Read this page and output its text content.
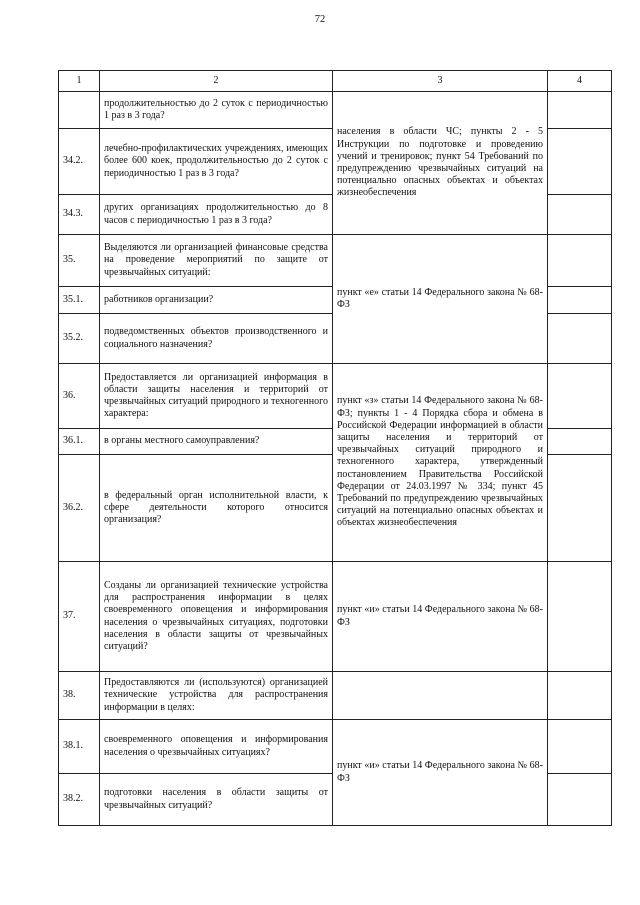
72
1	2	3	4
	продолжительностью до 2 суток с периодичностью 1 раз в 3 года?	населения в области ЧС; пункты 2 - 5 Инструкции по подготовке и проведению учений и тренировок; пункт 54 Требований по предупреждению чрезвычайных ситуаций на потенциально опасных объектах и объектах жизнеобеспечения	
34.2.	лечебно-профилактических учреждениях, имеющих более 600 коек, продолжительностью до 2 суток с периодичностью 1 раз в 3 года?		
34.3.	других организациях продолжительностью до 8 часов с периодичностью 1 раз в 3 года?		
35.	Выделяются ли организацией финансовые средства на проведение мероприятий по защите от чрезвычайных ситуаций:	пункт «е» статьи 14 Федерального закона № 68-ФЗ	
35.1.	работников организации?		
35.2.	подведомственных объектов производственного и социального назначения?		
36.	Предоставляется ли организацией информация в области защиты населения и территорий от чрезвычайных ситуаций природного и техногенного характера:	пункт «з» статьи 14 Федерального закона № 68-ФЗ; пункты 1 - 4 Порядка сбора и обмена в Российской Федерации информацией в области защиты населения и территорий от чрезвычайных ситуаций природного и техногенного характера, утвержденный постановлением Правительства Российской Федерации от 24.03.1997 № 334; пункт 45 Требований по предупреждению чрезвычайных ситуаций на потенциально опасных объектах и объектах жизнеобеспечения	
36.1.	в органы местного самоуправления?		
36.2.	в федеральный орган исполнительной власти, к сфере деятельности которого относится организация?		
37.	Созданы ли организацией технические устройства для распространения информации в целях своевременного оповещения и информирования населения о чрезвычайных ситуациях, подготовки населения в области защиты от чрезвычайных ситуаций?	пункт «и» статьи 14 Федерального закона № 68-ФЗ	
38.	Предоставляются ли (используются) организацией технические устройства для распространения информации в целях:		
38.1.	своевременного оповещения и информирования населения о чрезвычайных ситуациях?	пункт «и» статьи 14 Федерального закона № 68-ФЗ	
38.2.	подготовки населения в области защиты от чрезвычайных ситуаций?		
